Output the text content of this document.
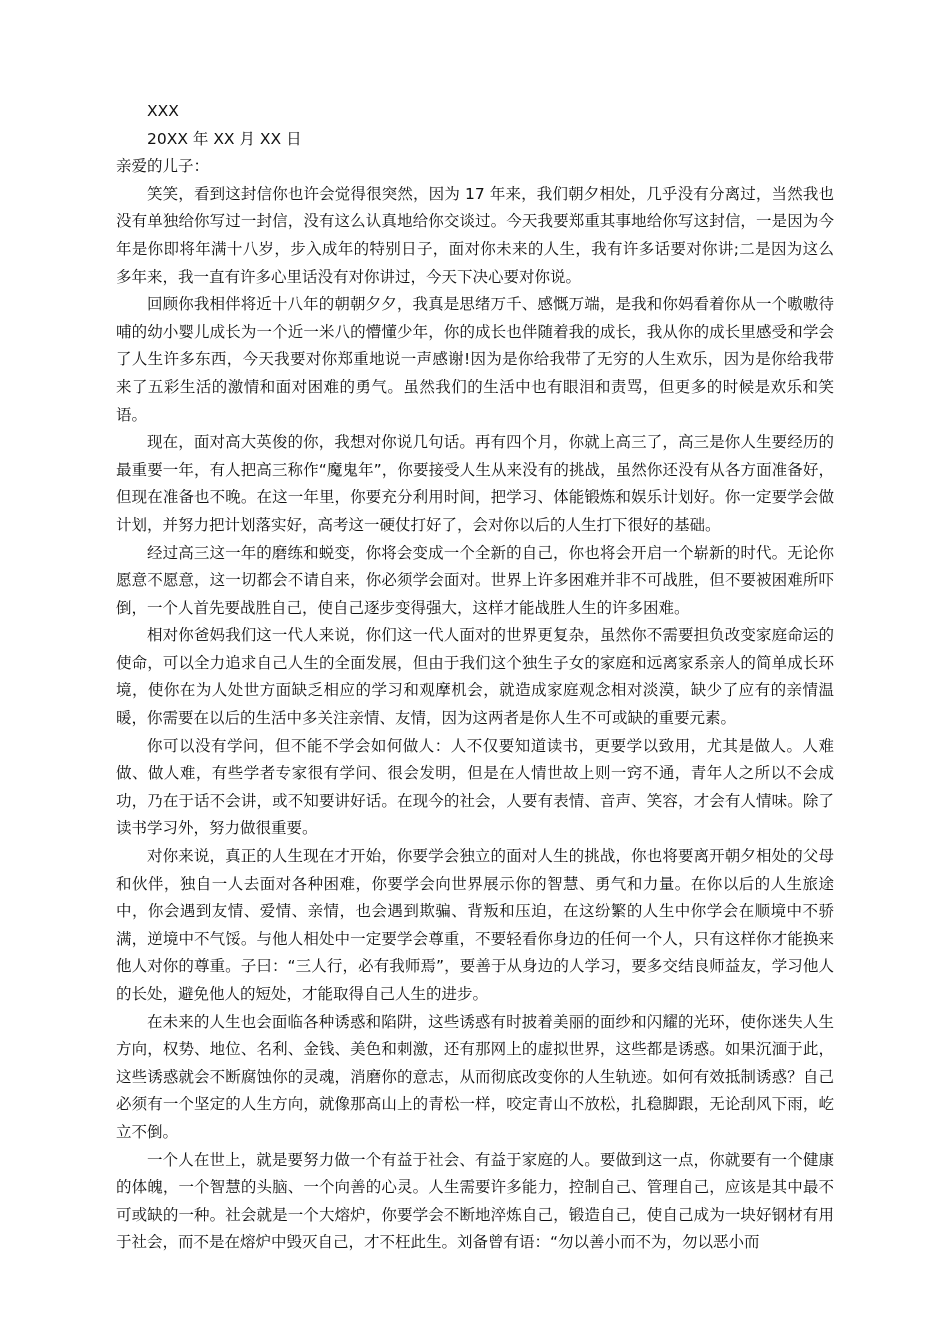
XXX
20XX 年 XX 月 XX 日
亲爱的儿子：

笑笑，看到这封信你也许会觉得很突然，因为 17 年来，我们朝夕相处，几乎没有分离过，当然我也没有单独给你写过一封信，没有这么认真地给你交谈过。今天我要郑重其事地给你写这封信，一是因为今年是你即将年满十八岁，步入成年的特别日子，面对你未来的人生，我有许多话要对你讲;二是因为这么多年来，我一直有许多心里话没有对你讲过，今天下决心要对你说。

回顾你我相伴将近十八年的朝朝夕夕，我真是思绪万千、感慨万端，是我和你妈看着你从一个嗷嗷待哺的幼小婴儿成长为一个近一米八的懵懂少年，你的成长也伴随着我的成长，我从你的成长里感受和学会了人生许多东西，今天我要对你郑重地说一声感谢!因为是你给我带了无穷的人生欢乐，因为是你给我带来了五彩生活的激情和面对困难的勇气。虽然我们的生活中也有眼泪和责骂，但更多的时候是欢乐和笑语。

现在，面对高大英俊的你，我想对你说几句话。再有四个月，你就上高三了，高三是你人生要经历的最重要一年，有人把高三称作“魔鬼年”，你要接受人生从来没有的挑战，虽然你还没有从各方面准备好，但现在准备也不晚。在这一年里，你要充分利用时间，把学习、体能锻炼和娱乐计划好。你一定要学会做计划，并努力把计划落实好，高考这一硬仗打好了，会对你以后的人生打下很好的基础。

经过高三这一年的磨练和蜕变，你将会变成一个全新的自己，你也将会开启一个崭新的时代。无论你愿意不愿意，这一切都会不请自来，你必须学会面对。世界上许多困难并非不可战胜，但不要被困难所吓倒，一个人首先要战胜自己，使自己逐步变得强大，这样才能战胜人生的许多困难。

相对你爸妈我们这一代人来说，你们这一代人面对的世界更复杂，虽然你不需要担负改变家庭命运的使命，可以全力追求自己人生的全面发展，但由于我们这个独生子女的家庭和远离家系亲人的简单成长环境，使你在为人处世方面缺乏相应的学习和观摩机会，就造成家庭观念相对淡漠，缺少了应有的亲情温暖，你需要在以后的生活中多关注亲情、友情，因为这两者是你人生不可或缺的重要元素。

你可以没有学问，但不能不学会如何做人：人不仅要知道读书，更要学以致用，尤其是做人。人难做、做人难，有些学者专家很有学问、很会发明，但是在人情世故上则一窍不通，青年人之所以不会成功，乃在于话不会讲，或不知要讲好话。在现今的社会，人要有表情、音声、笑容，才会有人情味。除了读书学习外，努力做很重要。

对你来说，真正的人生现在才开始，你要学会独立的面对人生的挑战，你也将要离开朝夕相处的父母和伙伴，独自一人去面对各种困难，你要学会向世界展示你的智慧、勇气和力量。在你以后的人生旅途中，你会遇到友情、爱情、亲情，也会遇到欺骗、背叛和压迫，在这纷繁的人生中你学会在顺境中不骄满，逆境中不气馁。与他人相处中一定要学会尊重，不要轻看你身边的任何一个人，只有这样你才能换来他人对你的尊重。子曰：“三人行，必有我师焉”，要善于从身边的人学习，要多交结良师益友，学习他人的长处，避免他人的短处，才能取得自己人生的进步。

在未来的人生也会面临各种诱惑和陷阱，这些诱惑有时披着美丽的面纱和闪耀的光环，使你迷失人生方向，权势、地位、名利、金钱、美色和刺激，还有那网上的虚拟世界，这些都是诱惑。如果沉湎于此，这些诱惑就会不断腐蚀你的灵魂，消磨你的意志，从而彻底改变你的人生轨迹。如何有效抵制诱惑？自己必须有一个坚定的人生方向，就像那高山上的青松一样，咬定青山不放松，扎稳脚跟，无论刮风下雨，屹立不倒。

一个人在世上，就是要努力做一个有益于社会、有益于家庭的人。要做到这一点，你就要有一个健康的体魄，一个智慧的头脑、一个向善的心灵。人生需要许多能力，控制自己、管理自己，应该是其中最不可或缺的一种。社会就是一个大熔炉，你要学会不断地淬炼自己，锻造自己，使自己成为一块好钢材有用于社会，而不是在熔炉中毁灭自己，才不枉此生。刘备曾有语：“勿以善小而不为，勿以恶小而
